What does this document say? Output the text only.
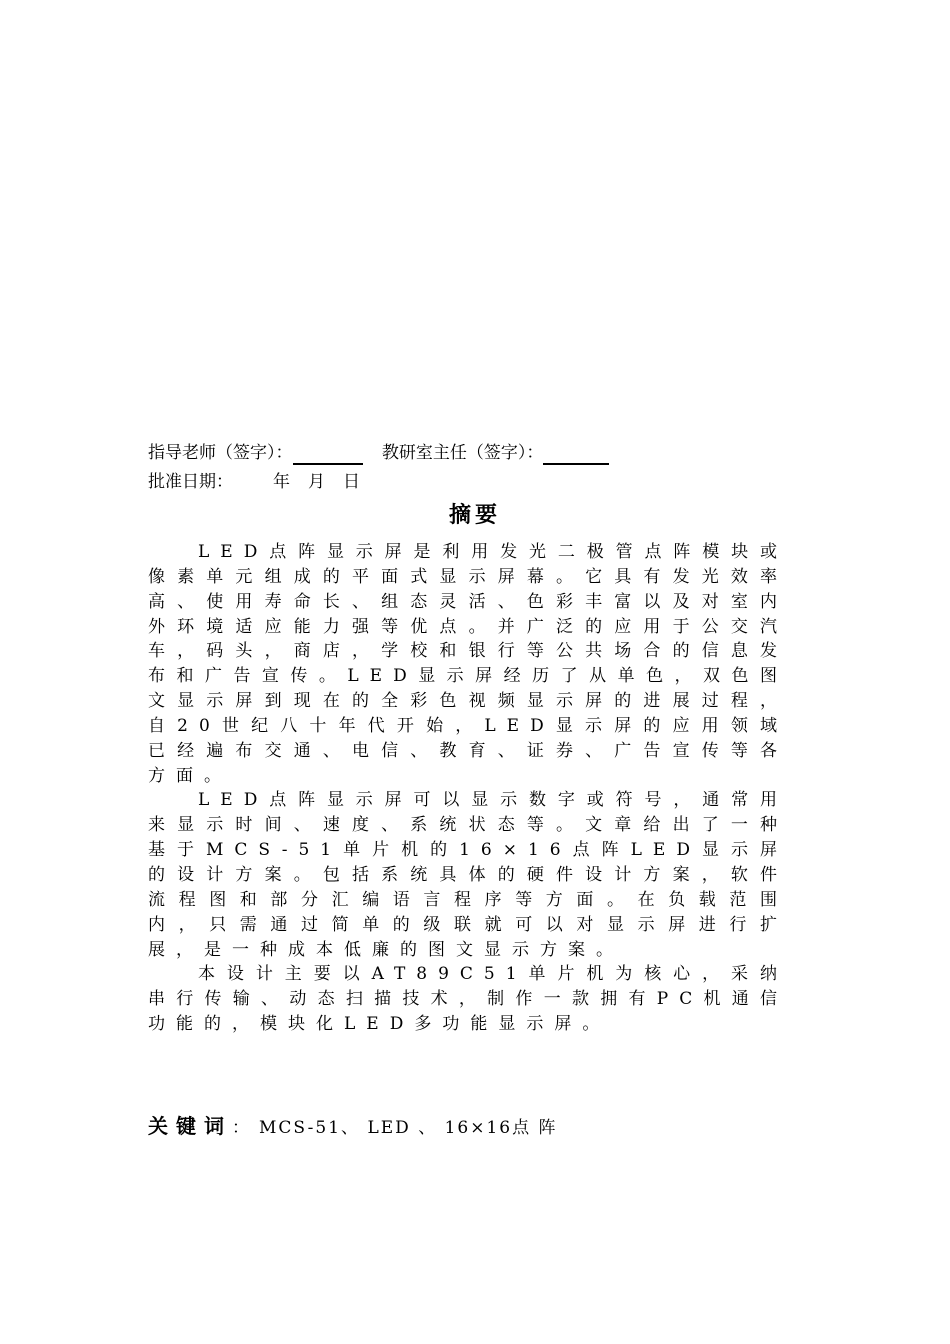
指导老师（签字）：	教研室主任（签字）：
批准日期： 年 月 日
摘要

LED点阵显示屏是利用发光二极管点阵模块或像素单元组成的平面式显示屏幕。它具有发光效率高、使用寿命长、组态灵活、色彩丰富以及对室内外环境适应能力强等优点。并广泛的应用于公交汽车，码头，商店，学校和银行等公共场合的信息发布和广告宣传。LED显示屏经历了从单色，双色图文显示屏到现在的全彩色视频显示屏的进展过程，自20世纪八十年代开始，LED显示屏的应用领域已经遍布交通、电信、教育、证券、广告宣传等各方面。

LED点阵显示屏可以显示数字或符号，通常用来显示时间、速度、系统状态等。文章给出了一种基于MCS-51单片机的16×16点阵LED显示屏的设计方案。包括系统具体的硬件设计方案，软件流程图和部分汇编语言程序等方面。在负载范围内，只需通过简单的级联就可以对显示屏进行扩展，是一种成本低廉的图文显示方案。

本设计主要以AT89C51单片机为核心，采纳串行传输、动态扫描技术，制作一款拥有PC机通信功能的，模块化LED多功能显示屏。

关键词： MCS-51、 LED 、 16×16点 阵
